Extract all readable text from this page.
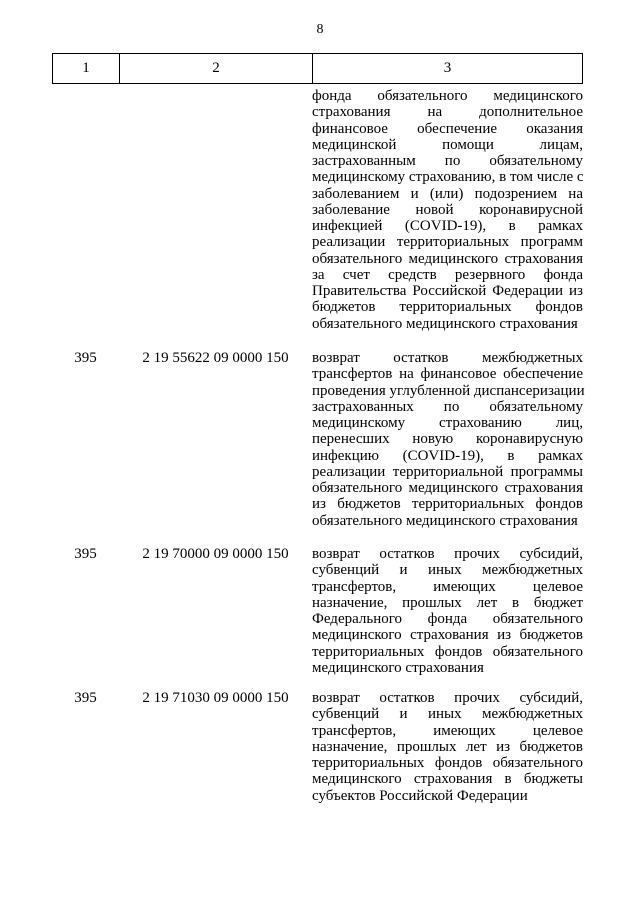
8
1	2	3
фонда обязательного медицинского
страхования на дополнительное
финансовое обеспечение оказания
медицинской помощи лицам,
застрахованным по обязательному
медицинскому страхованию, в том числе с
заболеванием и (или) подозрением на
заболевание новой коронавирусной
инфекцией (COVID-19), в рамках
реализации территориальных программ
обязательного медицинского страхования
за счет средств резервного фонда
Правительства Российской Федерации из
бюджетов территориальных фондов
обязательного медицинского страхования
395	2 19 55622 09 0000 150	возврат остатков межбюджетных
трансфертов на финансовое обеспечение
проведения углубленной диспансеризации
застрахованных по обязательному
медицинскому страхованию лиц,
перенесших новую коронавирусную
инфекцию (COVID-19), в рамках
реализации территориальной программы
обязательного медицинского страхования
из бюджетов территориальных фондов
обязательного медицинского страхования
395	2 19 70000 09 0000 150	возврат остатков прочих субсидий,
субвенций и иных межбюджетных
трансфертов, имеющих целевое
назначение, прошлых лет в бюджет
Федерального фонда обязательного
медицинского страхования из бюджетов
территориальных фондов обязательного
медицинского страхования
395	2 19 71030 09 0000 150	возврат остатков прочих субсидий,
субвенций и иных межбюджетных
трансфертов, имеющих целевое
назначение, прошлых лет из бюджетов
территориальных фондов обязательного
медицинского страхования в бюджеты
субъектов Российской Федерации
